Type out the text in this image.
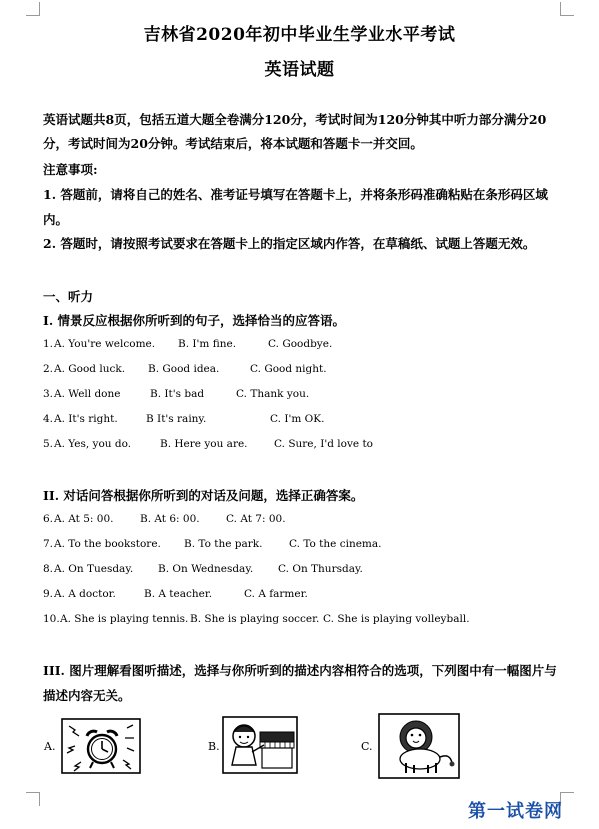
吉林省2020年初中毕业生学业水平考试
英语试题
英语试题共8页，包括五道大题全卷满分120分，考试时间为120分钟其中听力部分满分20
分，考试时间为20分钟。考试结束后，将本试题和答题卡一并交回。
注意事项:
1. 答题前，请将自己的姓名、准考证号填写在答题卡上，并将条形码准确粘贴在条形码区域
内。
2. 答题时，请按照考试要求在答题卡上的指定区域内作答，在草稿纸、试题上答题无效。
一、听力
I. 情景反应根据你所听到的句子，选择恰当的应答语。
1. A. You're welcome. B. I'm fine.	C. Goodbye.
2. A. Good luck. B. Good idea.	C. Good night.
3. A. Well done	B. It's bad	C. Thank you.
4. A. It's right.	B It's rainy.	C. I'm OK.
5. A. Yes, you do.	B. Here you are.	C. Sure, I'd love to
II. 对话问答根据你所听到的对话及问题，选择正确答案。
6. A. At 5: 00.	B. At 6: 00.	C. At 7: 00.
7. A. To the bookstore. B. To the park.	C. To the cinema.
8. A. On Tuesday. B. On Wednesday. C. On Thursday.
9. A. A doctor.	B. A teacher.	C. A farmer.
10. A. She is playing tennis. B. She is playing soccer. C. She is playing volleyball.
III. 图片理解看图听描述，选择与你所听到的描述内容相符合的选项，下列图中有一幅图片与
描述内容无关。
A.	B.	C.
第一试卷网
